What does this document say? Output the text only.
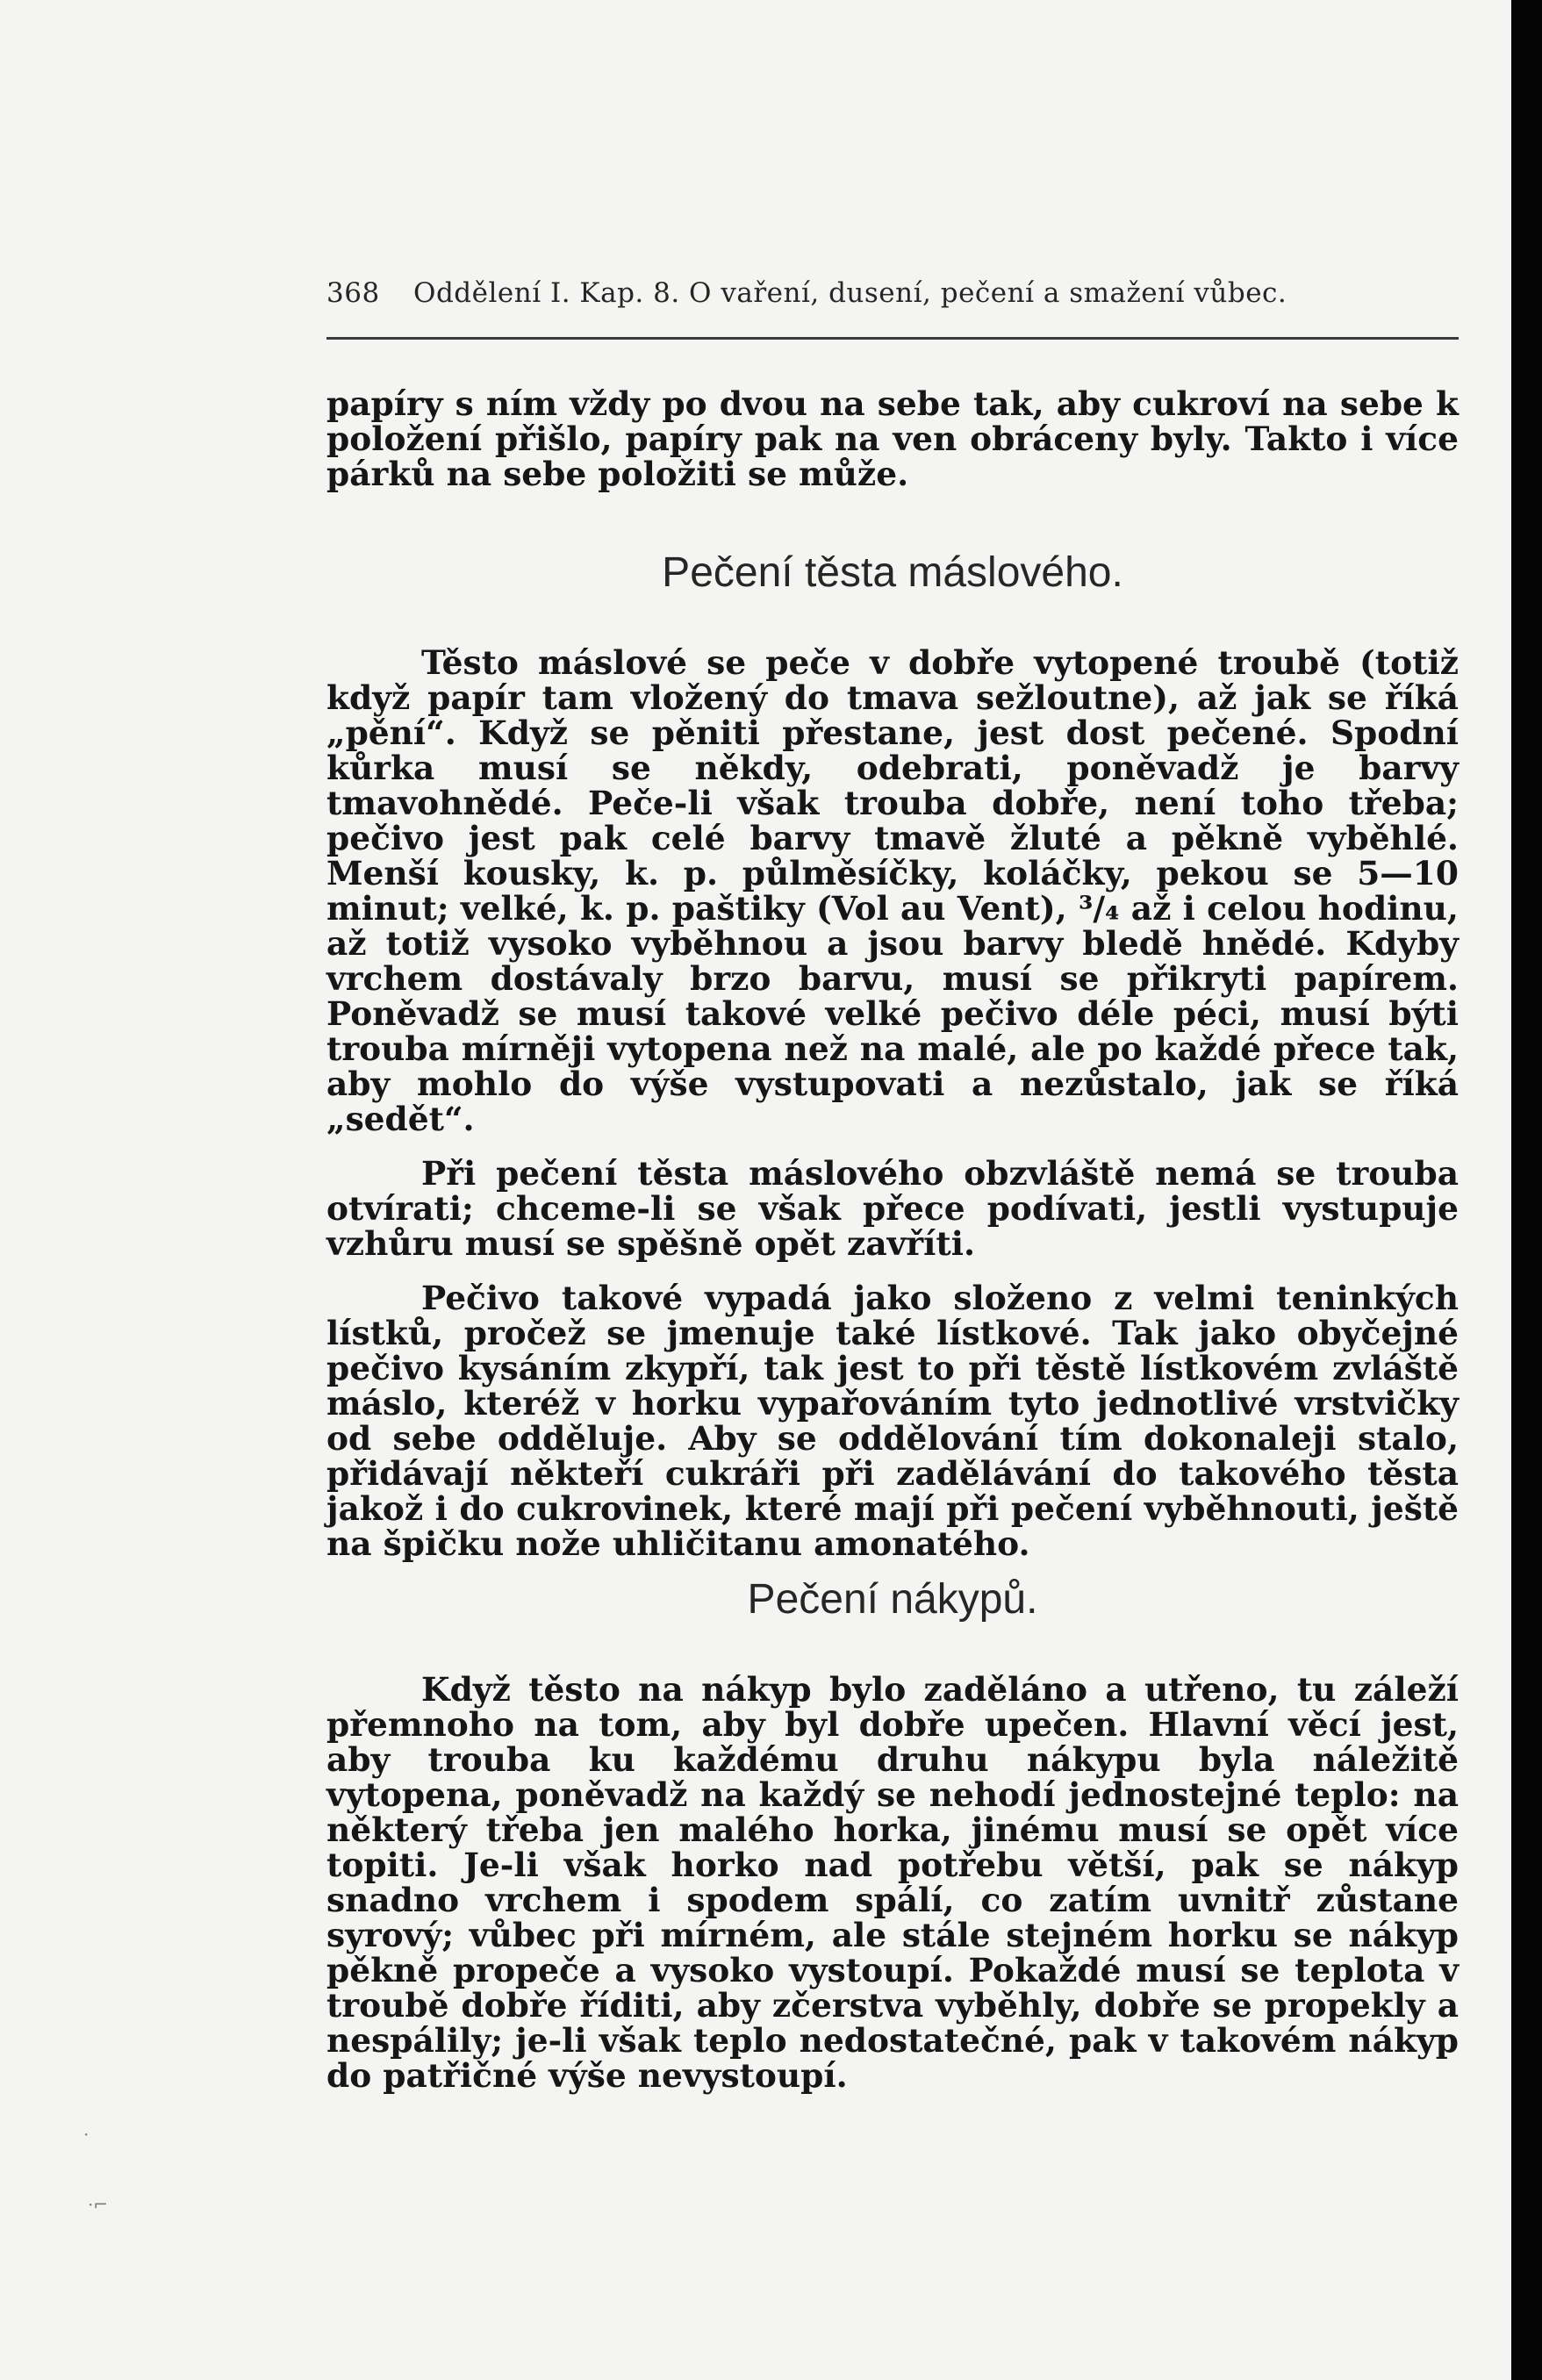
368 Oddělení I. Kap. 8. O vaření, dusení, pečení a smažení vůbec.

papíry s ním vždy po dvou na sebe tak, aby cukroví na sebe k položení přišlo, papíry pak na ven obráceny byly. Takto i více párků na sebe položiti se může.

Pečení těsta máslového.

Těsto máslové se peče v dobře vytopené troubě (totiž když papír tam vložený do tmava sežloutne), až jak se říká „pění“. Když se pěniti přestane, jest dost pečené. Spodní kůrka musí se někdy, odebrati, poněvadž je barvy tmavohnědé. Peče-li však trouba dobře, není toho třeba; pečivo jest pak celé barvy tmavě žluté a pěkně vyběhlé. Menší kousky, k. p. půlměsíčky, koláčky, pekou se 5—10 minut; velké, k. p. paštiky (Vol au Vent), ³/₄ až i celou hodinu, až totiž vysoko vyběhnou a jsou barvy bledě hnědé. Kdyby vrchem dostávaly brzo barvu, musí se přikryti papírem. Poněvadž se musí takové velké pečivo déle péci, musí býti trouba mírněji vytopena než na malé, ale po každé přece tak, aby mohlo do výše vystupovati a nezůstalo, jak se říká „sedět“.

Při pečení těsta máslového obzvláště nemá se trouba otvírati; chceme-li se však přece podívati, jestli vystupuje vzhůru musí se spěšně opět zavříti.

Pečivo takové vypadá jako složeno z velmi teninkých lístků, pročež se jmenuje také lístkové. Tak jako obyčejné pečivo kysáním zkypří, tak jest to při těstě lístkovém zvláště máslo, kteréž v horku vypařováním tyto jednotlivé vrstvičky od sebe odděluje. Aby se oddělování tím dokonaleji stalo, přidávají někteří cukráři při zadělávání do takového těsta jakož i do cukrovinek, které mají při pečení vyběhnouti, ještě na špičku nože uhličitanu amonatého.

Pečení nákypů.

Když těsto na nákyp bylo zaděláno a utřeno, tu záleží přemnoho na tom, aby byl dobře upečen. Hlavní věcí jest, aby trouba ku každému druhu nákypu byla náležitě vytopena, poněvadž na každý se nehodí jednostejné teplo: na některý třeba jen malého horka, jinému musí se opět více topiti. Je-li však horko nad potřebu větší, pak se nákyp snadno vrchem i spodem spálí, co zatím uvnitř zůstane syrový; vůbec při mírném, ale stále stejném horku se nákyp pěkně propeče a vysoko vystoupí. Pokaždé musí se teplota v troubě dobře říditi, aby zčerstva vyběhly, dobře se propekly a nespálily; je-li však teplo nedostatečné, pak v takovém nákyp do patřičné výše nevystoupí.

·⌐
·
